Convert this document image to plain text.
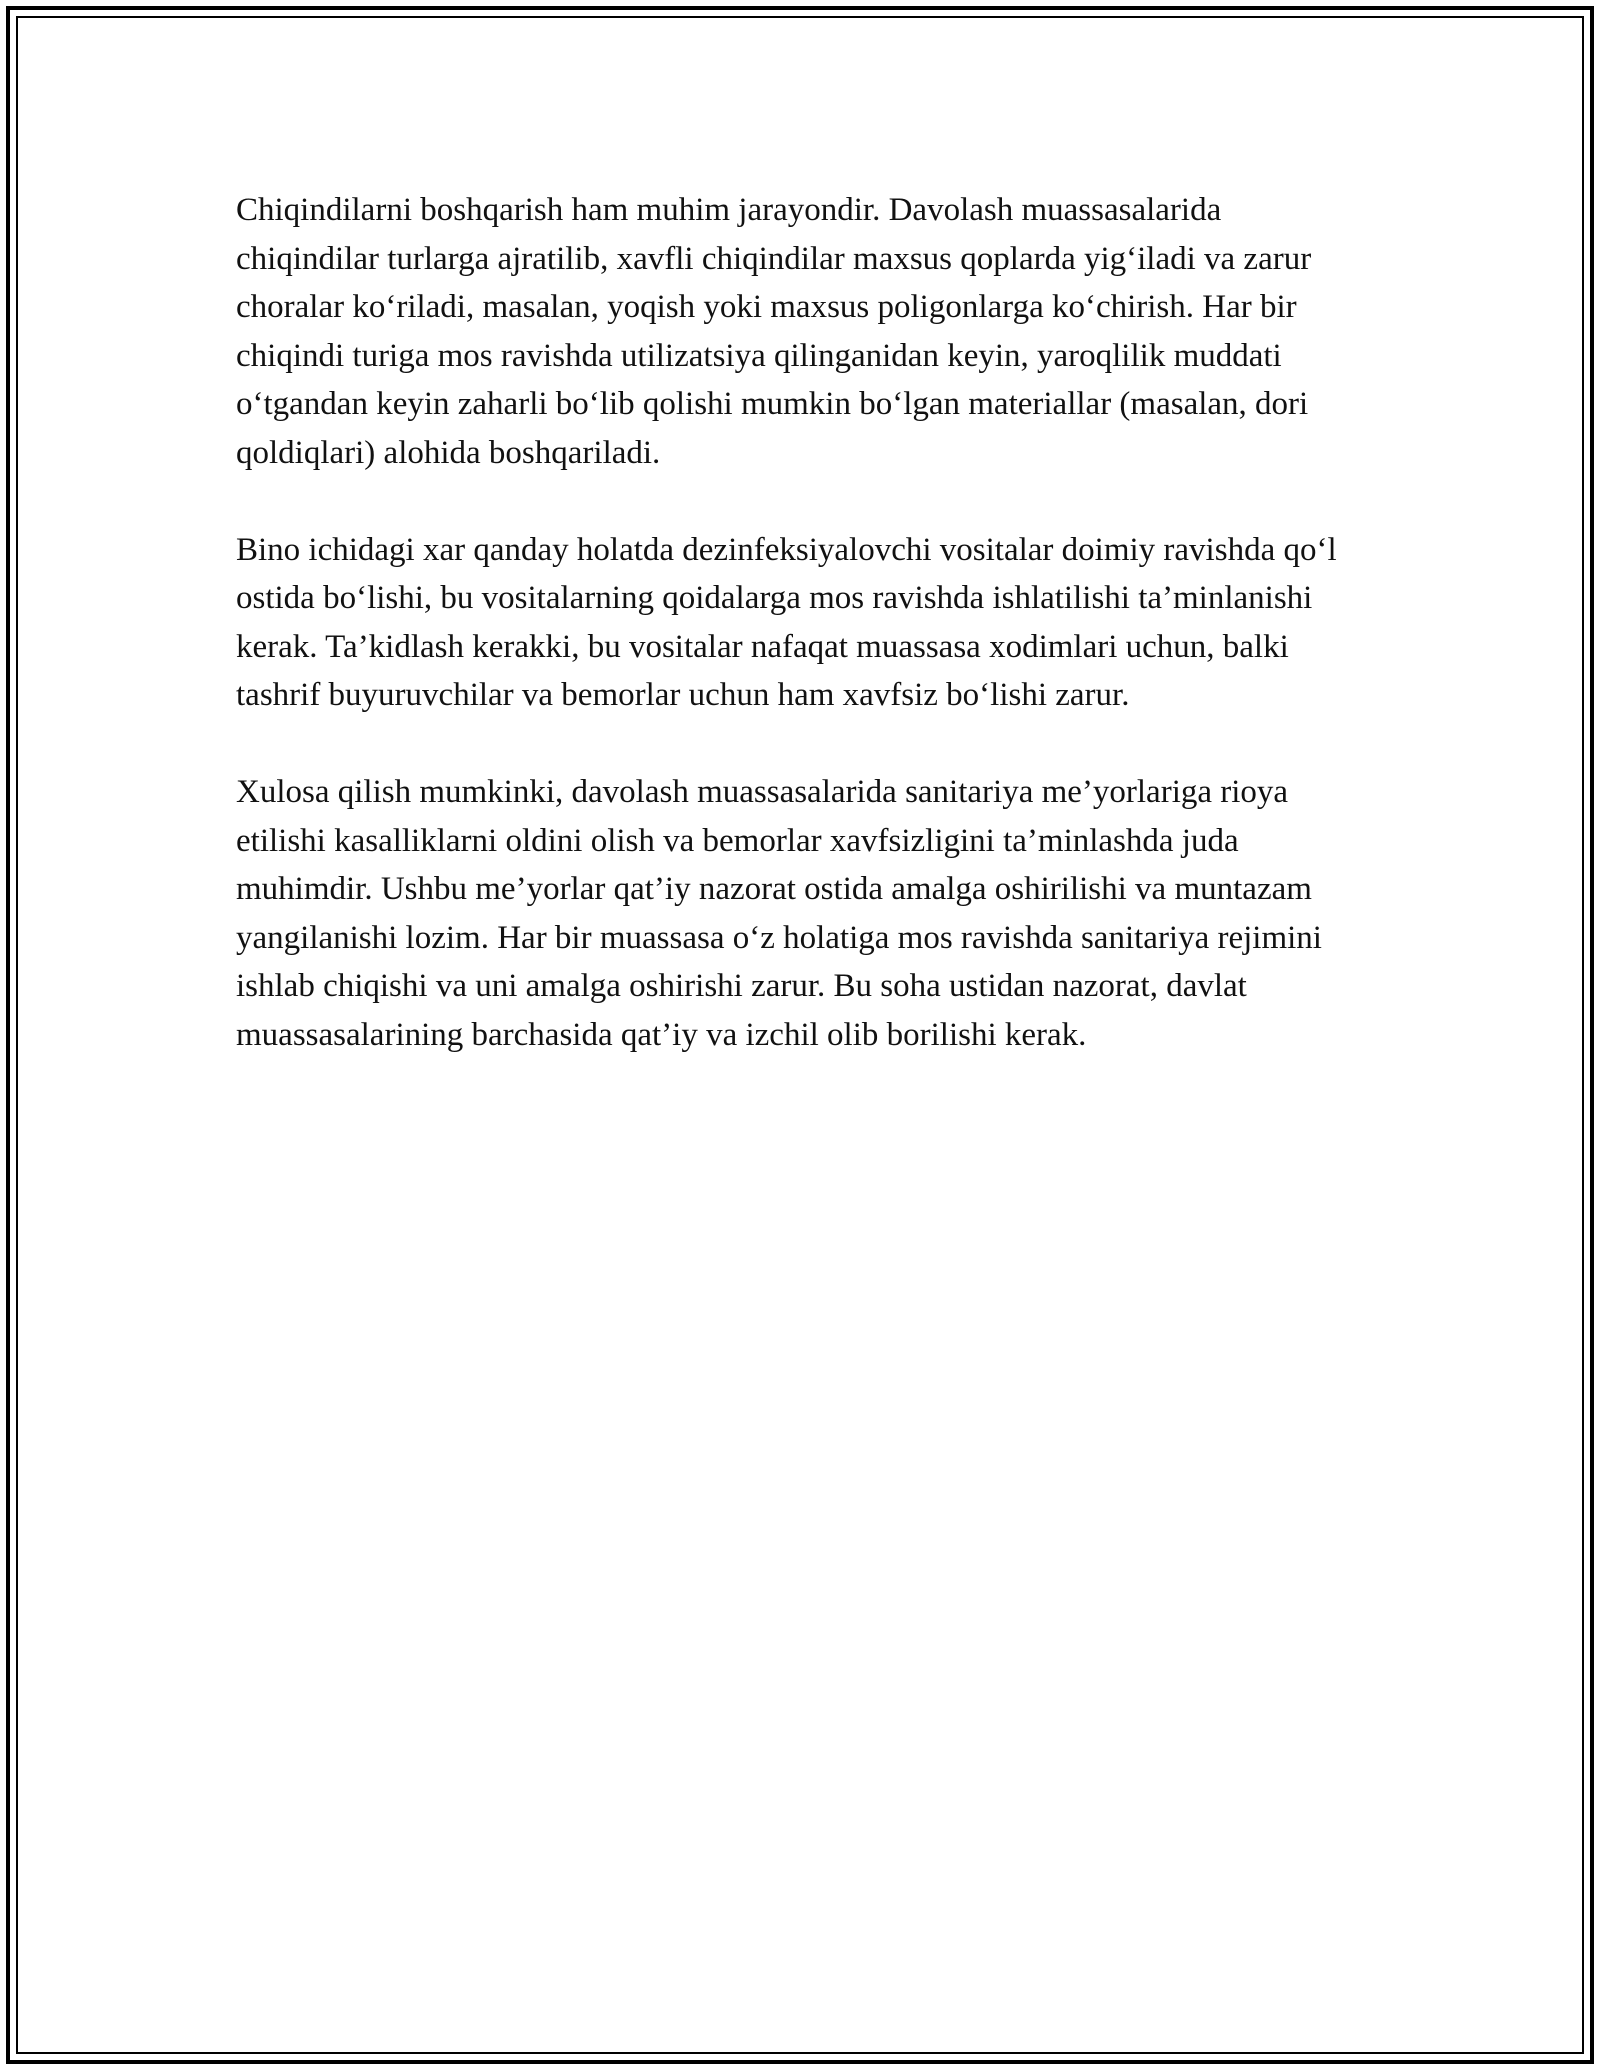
Chiqindilarni boshqarish ham muhim jarayondir. Davolash muassasalarida chiqindilar turlarga ajratilib, xavfli chiqindilar maxsus qoplarda yig‘iladi va zarur choralar ko‘riladi, masalan, yoqish yoki maxsus poligonlarga ko‘chirish. Har bir chiqindi turiga mos ravishda utilizatsiya qilinganidan keyin, yaroqlilik muddati o‘tgandan keyin zaharli bo‘lib qolishi mumkin bo‘lgan materiallar (masalan, dori qoldiqlari) alohida boshqariladi.

Bino ichidagi xar qanday holatda dezinfeksiyalovchi vositalar doimiy ravishda qo‘l ostida bo‘lishi, bu vositalarning qoidalarga mos ravishda ishlatilishi ta’minlanishi kerak. Ta’kidlash kerakki, bu vositalar nafaqat muassasa xodimlari uchun, balki tashrif buyuruvchilar va bemorlar uchun ham xavfsiz bo‘lishi zarur.

Xulosa qilish mumkinki, davolash muassasalarida sanitariya me’yorlariga rioya etilishi kasalliklarni oldini olish va bemorlar xavfsizligini ta’minlashda juda muhimdir. Ushbu me’yorlar qat’iy nazorat ostida amalga oshirilishi va muntazam yangilanishi lozim. Har bir muassasa o‘z holatiga mos ravishda sanitariya rejimini ishlab chiqishi va uni amalga oshirishi zarur. Bu soha ustidan nazorat, davlat muassasalarining barchasida qat’iy va izchil olib borilishi kerak.
